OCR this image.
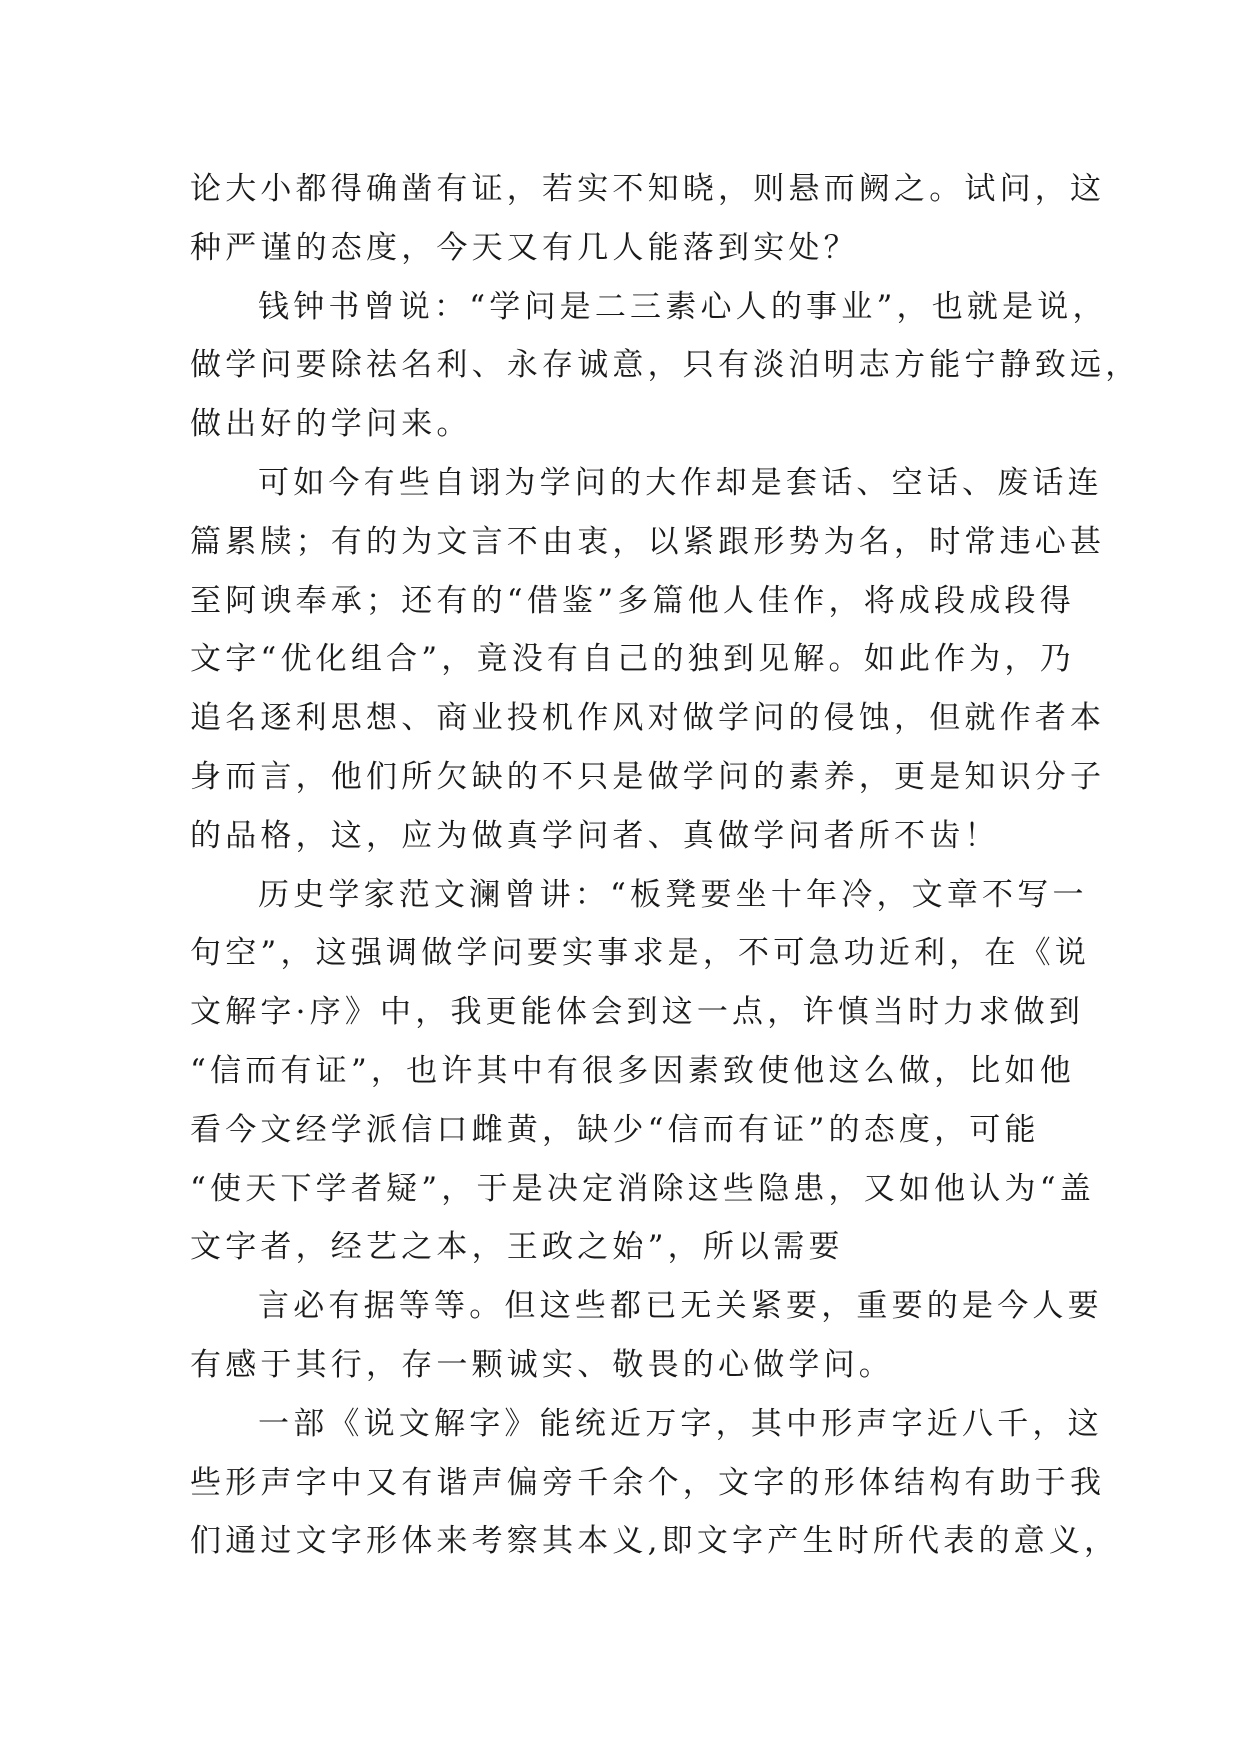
论大小都得确凿有证，若实不知晓，则悬而阙之。试问，这
种严谨的态度，今天又有几人能落到实处？
钱钟书曾说：“学问是二三素心人的事业”，也就是说，
做学问要除祛名利、永存诚意，只有淡泊明志方能宁静致远，
做出好的学问来。
可如今有些自诩为学问的大作却是套话、空话、废话连
篇累牍；有的为文言不由衷，以紧跟形势为名，时常违心甚
至阿谀奉承；还有的“借鉴”多篇他人佳作，将成段成段得
文字“优化组合”，竟没有自己的独到见解。如此作为，乃
追名逐利思想、商业投机作风对做学问的侵蚀，但就作者本
身而言，他们所欠缺的不只是做学问的素养，更是知识分子
的品格，这，应为做真学问者、真做学问者所不齿！
历史学家范文澜曾讲：“板凳要坐十年冷，文章不写一
句空”，这强调做学问要实事求是，不可急功近利，在《说
文解字·序》中，我更能体会到这一点，许慎当时力求做到
“信而有证”，也许其中有很多因素致使他这么做，比如他
看今文经学派信口雌黄，缺少“信而有证”的态度，可能
“使天下学者疑”，于是决定消除这些隐患，又如他认为“盖
文字者，经艺之本，王政之始”，所以需要
言必有据等等。但这些都已无关紧要，重要的是今人要
有感于其行，存一颗诚实、敬畏的心做学问。
一部《说文解字》能统近万字，其中形声字近八千，这
些形声字中又有谐声偏旁千余个，文字的形体结构有助于我
们通过文字形体来考察其本义,即文字产生时所代表的意义，
